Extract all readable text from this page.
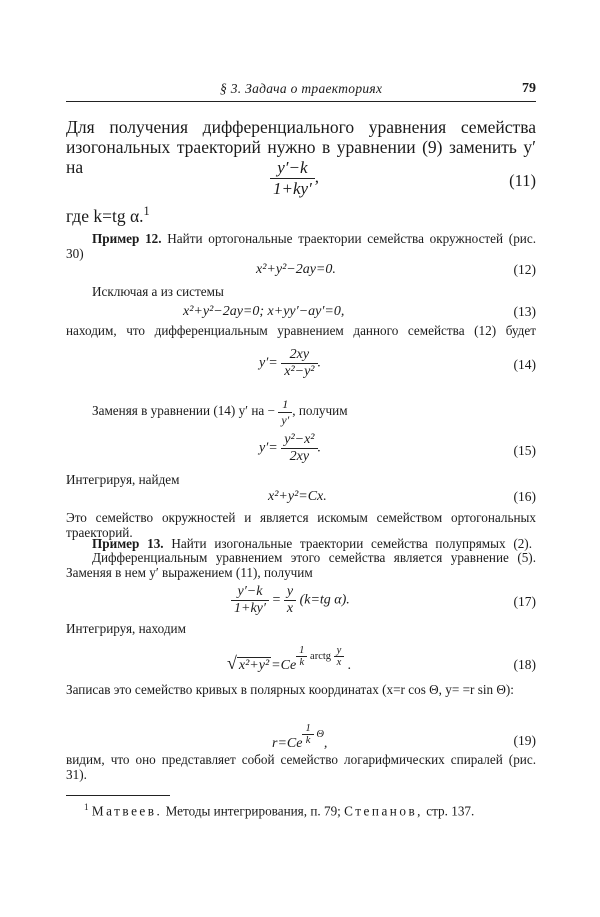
§ 3. Задача о траекториях	79
Для получения дифференциального уравнения семейства
изогональных траекторий нужно в уравнении (9) заменить y′ на	$\frac{y'-k}{1+ky'}$ ,	(11)
где k=tg α.$^1$
Пример 12. Найти ортогональные траектории семейства окружностей (рис. 30)
x²+y²−2ay=0.	(12)
Исключая a из системы
x²+y²−2ay=0; x+yy′−ay′=0,	(13)
находим, что дифференциальным уравнением данного семейства (12) будет
$y'= \frac{2xy}{\text{x²−y²}}$ .	(14)
Заменяя в уравнении (14) y′ на − $\frac{1}{y'}$ , получим
$y'= \frac{\text{y²−x²}}{2xy}$ .	(15)
Интегрируя, найдем
x²+y²=Cx.	(16)
Это семейство окружностей и является искомым семейством ортогональных траекторий.
Пример 13. Найти изогональные траектории семейства полупрямых (2).
Дифференциальным уравнением этого семейства является уравнение (5). Заменяя в нем y′ выражением (11), получим
$\frac{y'-k}{1+ky'} = \frac{y}{x} (k=tg$ α).	(17)
Интегрируя, находим
√ $x^2+y^2 =Ce \frac{1}{k}$ arctg $\frac{y}{x}$ .	(18)
Записав это семейство кривых в полярных координатах (x=r cos Θ, y= =r sin Θ):
$r=Ce \frac{1}{k} \Theta$,	(19)
видим, что оно представляет собой семейство логарифмических спиралей (рис. 31).
$^1$ Матвеев. Методы интегрирования, п. 79; Степанов, стр. 137.
